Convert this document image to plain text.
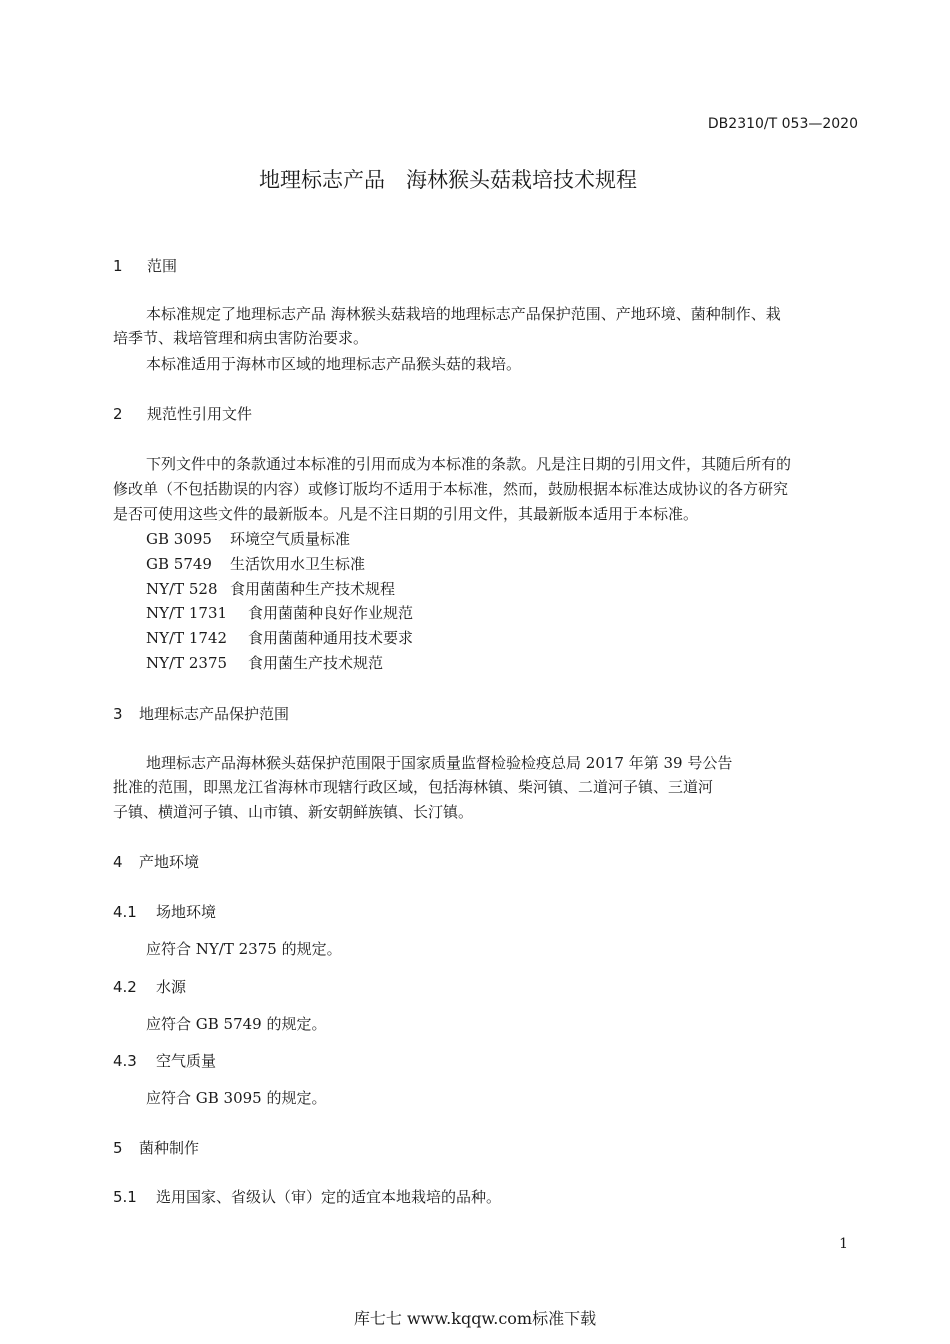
DB2310/T 053—2020
地理标志产品　海林猴头菇栽培技术规程
1 范围
本标准规定了地理标志产品 海林猴头菇栽培的地理标志产品保护范围、产地环境、菌种制作、栽
培季节、栽培管理和病虫害防治要求。
本标准适用于海林市区域的地理标志产品猴头菇的栽培。
2 规范性引用文件
下列文件中的条款通过本标准的引用而成为本标准的条款。凡是注日期的引用文件，其随后所有的
修改单（不包括勘误的内容）或修订版均不适用于本标准，然而，鼓励根据本标准达成协议的各方研究
是否可使用这些文件的最新版本。凡是不注日期的引用文件，其最新版本适用于本标准。
GB 3095 环境空气质量标准
GB 5749 生活饮用水卫生标准
NY/T 528 食用菌菌种生产技术规程
NY/T 1731 食用菌菌种良好作业规范
NY/T 1742 食用菌菌种通用技术要求
NY/T 2375 食用菌生产技术规范
3 地理标志产品保护范围
地理标志产品海林猴头菇保护范围限于国家质量监督检验检疫总局 2017 年第 39 号公告
批准的范围，即黑龙江省海林市现辖行政区域，包括海林镇、柴河镇、二道河子镇、三道河
子镇、横道河子镇、山市镇、新安朝鲜族镇、长汀镇。
4 产地环境
4.1 场地环境
应符合 NY/T 2375 的规定。
4.2 水源
应符合 GB 5749 的规定。
4.3 空气质量
应符合 GB 3095 的规定。
5 菌种制作
5.1 选用国家、省级认（审）定的适宜本地栽培的品种。
1
库七七 www.kqqw.com标准下载
